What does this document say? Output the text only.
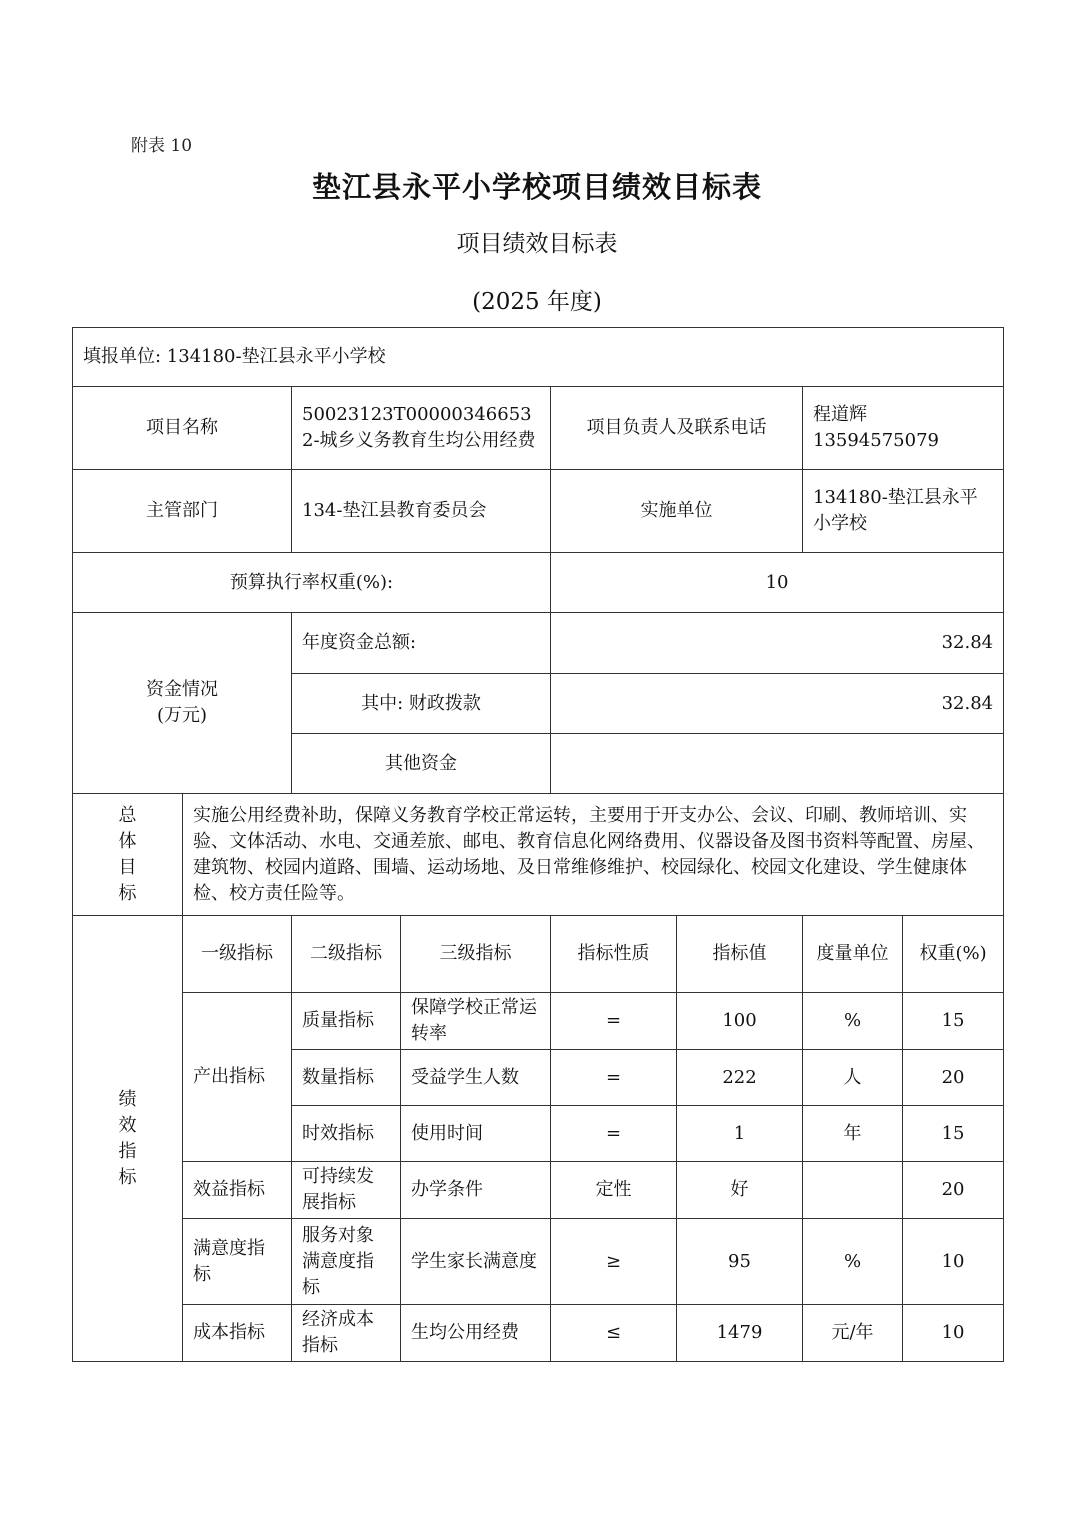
附表 10
垫江县永平小学校项目绩效目标表
项目绩效目标表
(2025 年度)
填报单位: 134180-垫江县永平小学校							
项目名称		50023123T000003466532-城乡义务教育生均公用经费		项目负责人及联系电话		程道辉 13594575079	
主管部门		134-垫江县教育委员会		实施单位		134180-垫江县永平小学校	
预算执行率权重(%):				10			

资金情况
(万元)		年度资金总额:		32.84			
		其中: 财政拨款		32.84			
		其他资金					

总
体
目
标	实施公用经费补助，保障义务教育学校正常运转，主要用于开支办公、会议、印刷、教师培训、实验、文体活动、水电、交通差旅、邮电、教育信息化网络费用、仪器设备及图书资料等配置、房屋、建筑物、校园内道路、围墙、运动场地、及日常维修维护、校园绿化、校园文化建设、学生健康体检、校方责任险等。						

绩
效
指
标	一级指标	二级指标	三级指标	指标性质	指标值	度量单位	权重(%)
	产出指标	质量指标	保障学校正常运转率	=	100	%	15
		数量指标	受益学生人数	=	222	人	20
		时效指标	使用时间	=	1	年	15
	效益指标	可持续发展指标	办学条件	定性	好		20
	满意度指标	服务对象满意度指标	学生家长满意度	≥	95	%	10
	成本指标	经济成本指标	生均公用经费	≤	1479	元/年	10
